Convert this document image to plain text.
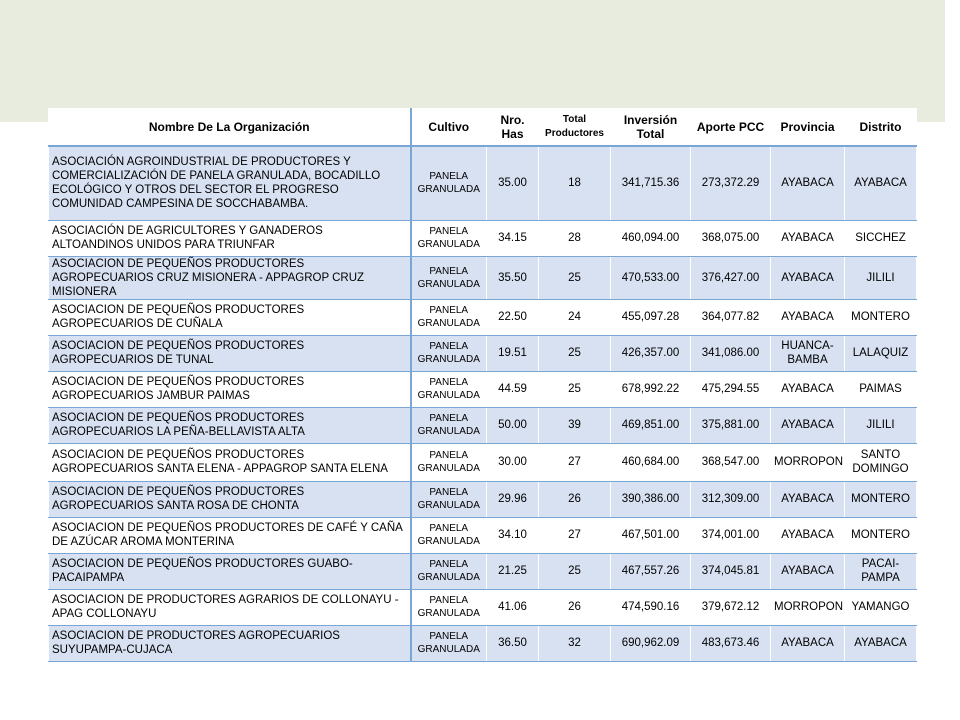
Nombre De La Organización	Cultivo	Nro. Has	Total Productores	Inversión Total	Aporte PCC	Provincia	Distrito
ASOCIACIÓN AGROINDUSTRIAL DE PRODUCTORES Y COMERCIALIZACIÓN DE PANELA GRANULADA, BOCADILLO ECOLÓGICO Y OTROS DEL SECTOR EL PROGRESO COMUNIDAD CAMPESINA DE SOCCHABAMBA.	PANELA GRANULADA	35.00	18	341,715.36	273,372.29	AYABACA	AYABACA
ASOCIACIÓN DE AGRICULTORES Y GANADEROS ALTOANDINOS UNIDOS PARA TRIUNFAR	PANELA GRANULADA	34.15	28	460,094.00	368,075.00	AYABACA	SICCHEZ
ASOCIACION DE PEQUEÑOS PRODUCTORES AGROPECUARIOS CRUZ MISIONERA - APPAGROP CRUZ MISIONERA	PANELA GRANULADA	35.50	25	470,533.00	376,427.00	AYABACA	JILILI
ASOCIACION DE PEQUEÑOS PRODUCTORES AGROPECUARIOS DE CUÑALA	PANELA GRANULADA	22.50	24	455,097.28	364,077.82	AYABACA	MONTERO
ASOCIACION DE PEQUEÑOS PRODUCTORES AGROPECUARIOS DE TUNAL	PANELA GRANULADA	19.51	25	426,357.00	341,086.00	HUANCA-BAMBA	LALAQUIZ
ASOCIACION DE PEQUEÑOS PRODUCTORES AGROPECUARIOS JAMBUR PAIMAS	PANELA GRANULADA	44.59	25	678,992.22	475,294.55	AYABACA	PAIMAS
ASOCIACION DE PEQUEÑOS PRODUCTORES AGROPECUARIOS LA PEÑA-BELLAVISTA ALTA	PANELA GRANULADA	50.00	39	469,851.00	375,881.00	AYABACA	JILILI
ASOCIACION DE PEQUEÑOS PRODUCTORES AGROPECUARIOS SANTA ELENA - APPAGROP SANTA ELENA	PANELA GRANULADA	30.00	27	460,684.00	368,547.00	MORROPON	SANTO DOMINGO
ASOCIACION DE PEQUEÑOS PRODUCTORES AGROPECUARIOS SANTA ROSA DE CHONTA	PANELA GRANULADA	29.96	26	390,386.00	312,309.00	AYABACA	MONTERO
ASOCIACION DE PEQUEÑOS PRODUCTORES DE CAFÉ Y CAÑA DE AZÚCAR AROMA MONTERINA	PANELA GRANULADA	34.10	27	467,501.00	374,001.00	AYABACA	MONTERO
ASOCIACION DE PEQUEÑOS PRODUCTORES GUABO-PACAIPAMPA	PANELA GRANULADA	21.25	25	467,557.26	374,045.81	AYABACA	PACAI-PAMPA
ASOCIACION DE PRODUCTORES AGRARIOS DE COLLONAYU - APAG COLLONAYU	PANELA GRANULADA	41.06	26	474,590.16	379,672.12	MORROPON	YAMANGO
ASOCIACION DE PRODUCTORES AGROPECUARIOS SUYUPAMPA-CUJACA	PANELA GRANULADA	36.50	32	690,962.09	483,673.46	AYABACA	AYABACA
